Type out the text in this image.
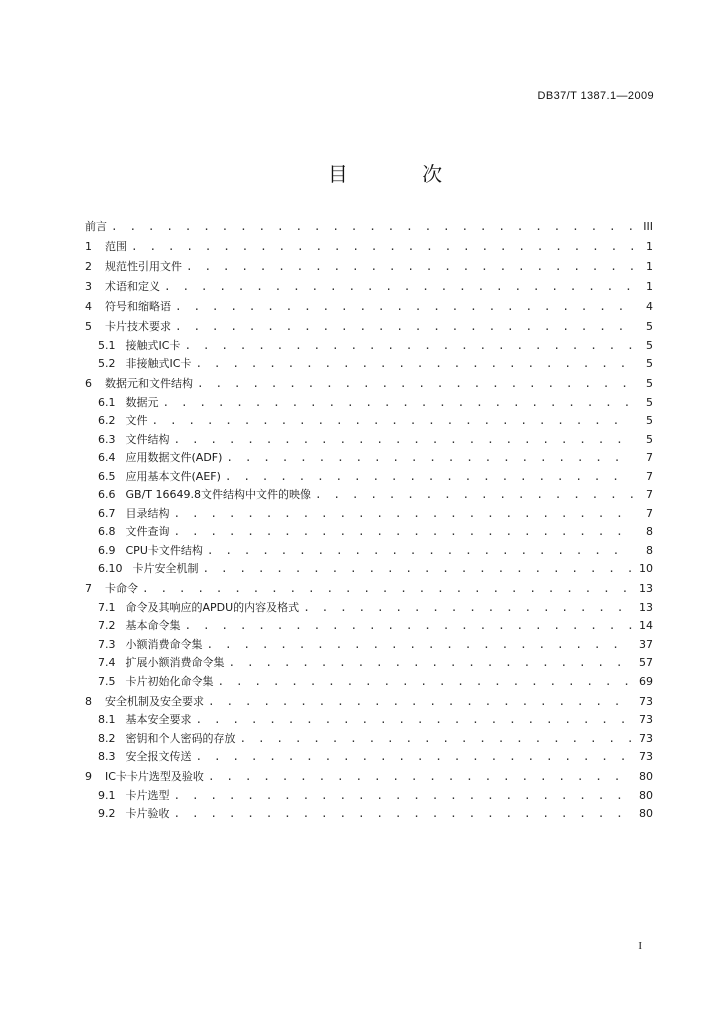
DB37/T 1387.1—2009
目 次
前言 . . .	III
1 范围 . . .	1
2 规范性引用文件 . . .	1
3 术语和定义 . . .	1
4 符号和缩略语 . . .	4
5 卡片技术要求 . . .	5
5.1 接触式IC卡 . . .	5
5.2 非接触式IC卡 . . .	5
6 数据元和文件结构 . . .	5
6.1 数据元 . . .	5
6.2 文件 . . .	5
6.3 文件结构 . . .	5
6.4 应用数据文件(ADF) . . .	7
6.5 应用基本文件(AEF) . . .	7
6.6 GB/T 16649.8文件结构中文件的映像 . . .	7
6.7 目录结构 . . .	7
6.8 文件查询 . . .	8
6.9 CPU卡文件结构 . . .	8
6.10 卡片安全机制 . . .	10
7 卡命令 . . .	13
7.1 命令及其响应的APDU的内容及格式 . . .	13
7.2 基本命令集 . . .	14
7.3 小额消费命令集 . . .	37
7.4 扩展小额消费命令集 . . .	57
7.5 卡片初始化命令集 . . .	69
8 安全机制及安全要求 . . .	73
8.1 基本安全要求 . . .	73
8.2 密钥和个人密码的存放 . . .	73
8.3 安全报文传送 . . .	73
9 IC卡卡片选型及验收 . . .	80
9.1 卡片选型 . . .	80
9.2 卡片验收 . . .	80
I
